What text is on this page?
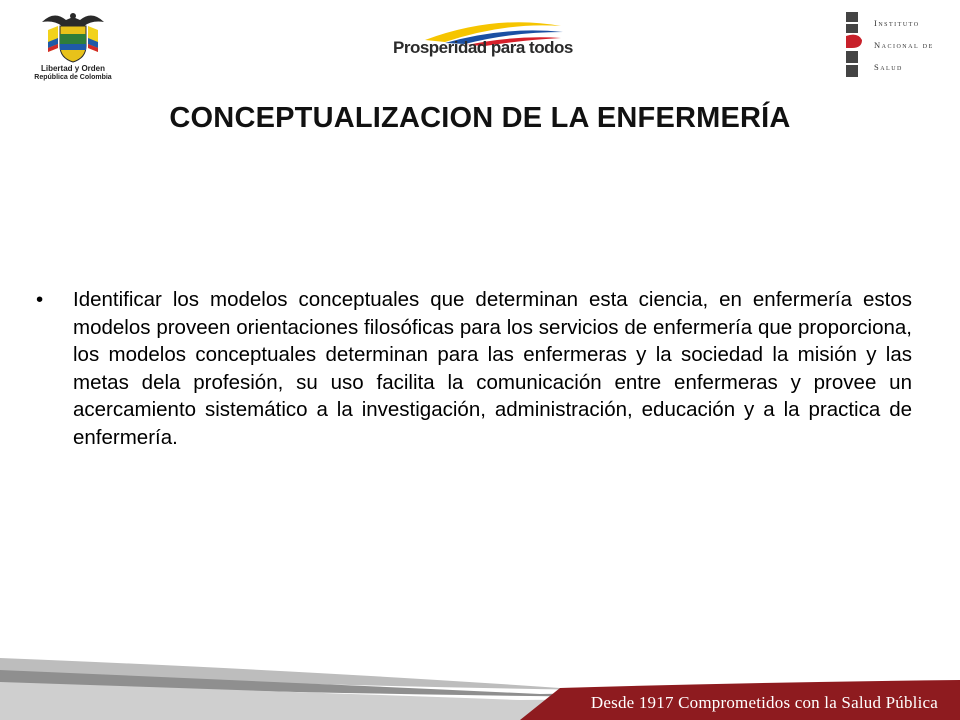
Libertad y Orden
República de Colombia
Prosperidad para todos
Instituto
Nacional de
Salud
CONCEPTUALIZACION DE LA ENFERMERÍA
• Identificar los modelos conceptuales que determinan esta ciencia, en enfermería estos modelos proveen orientaciones filosóficas para los servicios de enfermería que proporciona, los modelos conceptuales determinan para las enfermeras y la sociedad la misión y las metas dela profesión, su uso facilita la comunicación entre enfermeras y provee un acercamiento sistemático a la investigación, administración, educación y a la practica de enfermería.
Desde 1917 Comprometidos con la Salud Pública
